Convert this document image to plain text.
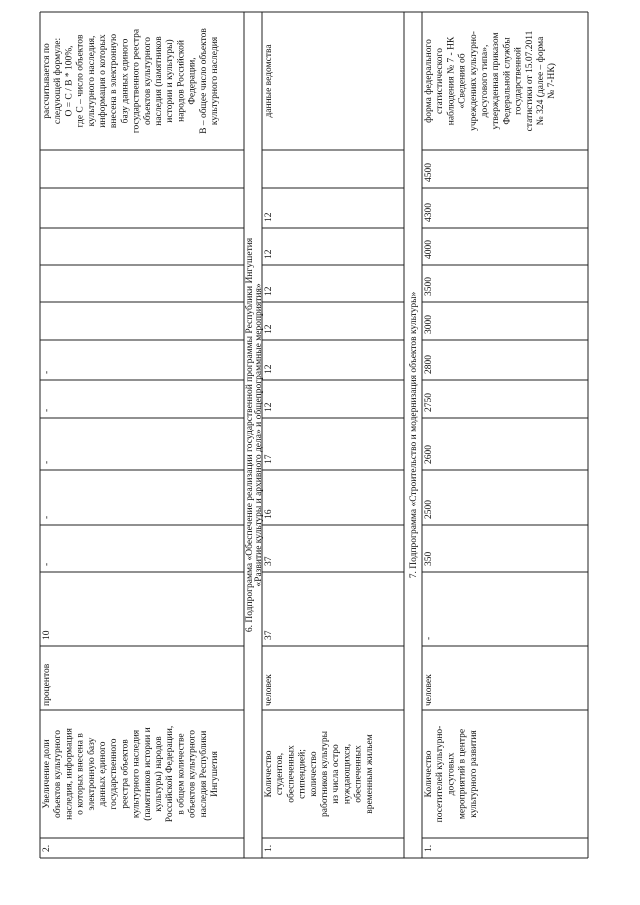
2.
Увеличение доли объектов культурного наследия, информация о которых внесена в электронную базу данных единого государственного реестра объектов культурного наследия (памятников истории и культуры) народов Российской Федерации, в общем количестве объектов культурного наследия Республики Ингушетия
процентов
10
-
-
-
-
-
рассчитывается по следующей формуле: О = С / В * 100%, где С – число объектов культурного наследия, информация о которых внесена в электронную базу данных единого государственного реестра объектов культурного наследия (памятников истории и культуры) народов Российской Федерации, В – общее число объектов культурного наследия
6. Подпрограмма «Обеспечение реализации государственной программы Республики Ингушетия «Развитие культуры и архивного дела» и общепрограммные мероприятия»
1.
Количество студентов, обеспеченных стипендией; количество работников культуры из числа остро нуждающихся, обеспеченных временным жильем
человек
37
37
16
17
12
12
12
12
12
12
данные ведомства
7. Подпрограмма «Строительство и модернизация объектов культуры»
1.
Количество посетителей культурно- досуговых мероприятий в центре культурного развития
человек
-
350
2500
2600
2750
2800
3000
3500
4000
4300
4500
форма федерального статистического наблюдения № 7 - НК «Сведения об учреждениях культурно- досугового типа», утвержденная приказом Федеральной службы государственной статистики от 15.07.2011 № 324 (далее – форма № 7-НК)
